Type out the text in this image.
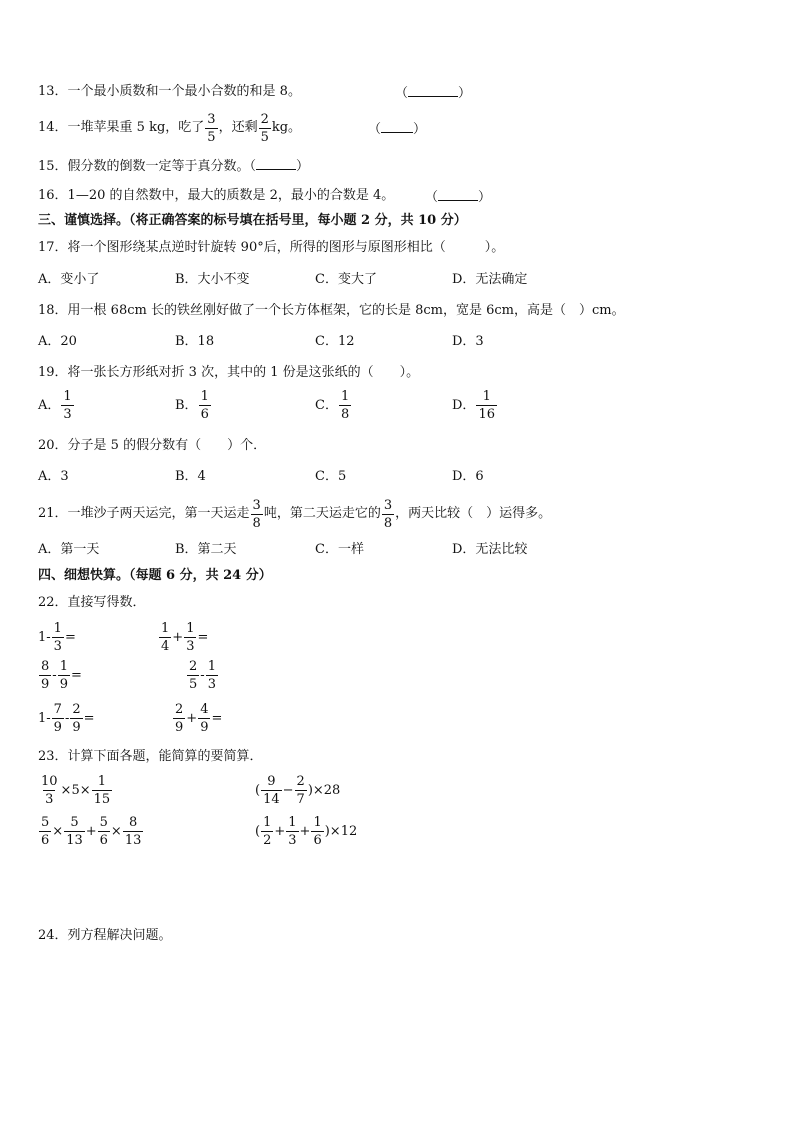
13．一个最小质数和一个最小合数的和是 8。	（	）
14．一堆苹果重 5 kg，吃了 $\frac{3}{5}$ ，还剩 $\frac{2}{5}$ kg。	（ ）
15．假分数的倒数一定等于真分数。（	）
16．1—20 的自然数中，最大的质数是 2，最小的合数是 4。 （	）
三、谨慎选择。（将正确答案的标号填在括号里，每小题 2 分，共 10 分）
17．将一个图形绕某点逆时针旋转 90°后，所得的图形与原图形相比（　　　）。
A．变小了	B．大小不变	C．变大了	D．无法确定
18．用一根 68cm 长的铁丝刚好做了一个长方体框架，它的长是 8cm，宽是 6cm，高是（　）cm。
A．20	B．18	C．12	D．3
19．将一张长方形纸对折 3 次，其中的 1 份是这张纸的（　　）。
A． $\frac{1}{3}$	B． $\frac{1}{6}$	C． $\frac{1}{8}$	D． $\frac{1}{16}$
20．分子是 5 的假分数有（　　）个．
A．3	B．4	C．5	D．6
21．一堆沙子两天运完，第一天运走 $\frac{3}{8}$ 吨，第二天运走它的 $\frac{3}{8}$ ，两天比较（　）运得多。
A．第一天	B．第二天	C．一样	D．无法比较
四、细想快算。（每题 6 分，共 24 分）
22．直接写得数．
$1- \frac{1}{3}$ =	$\frac{1}{4} + \frac{1}{3}$ =
$\frac{8}{9} - \frac{1}{9}$ =	$\frac{2}{5} - \frac{1}{3}$
$1- \frac{7}{9} - \frac{2}{9}$ =	$\frac{2}{9} + \frac{4}{9}$ =
23．计算下面各题，能简算的要简算．
$\frac{10}{3} \times 5\times \frac{1}{15}$	( $\frac{9}{14} - \frac{2}{7} )\times 28$
$\frac{5}{6} \times \frac{5}{13} + \frac{5}{6} \times \frac{8}{13}$	( $\frac{1}{2} + \frac{1}{3} + \frac{1}{6} )\times 12$
24．列方程解决问题。
